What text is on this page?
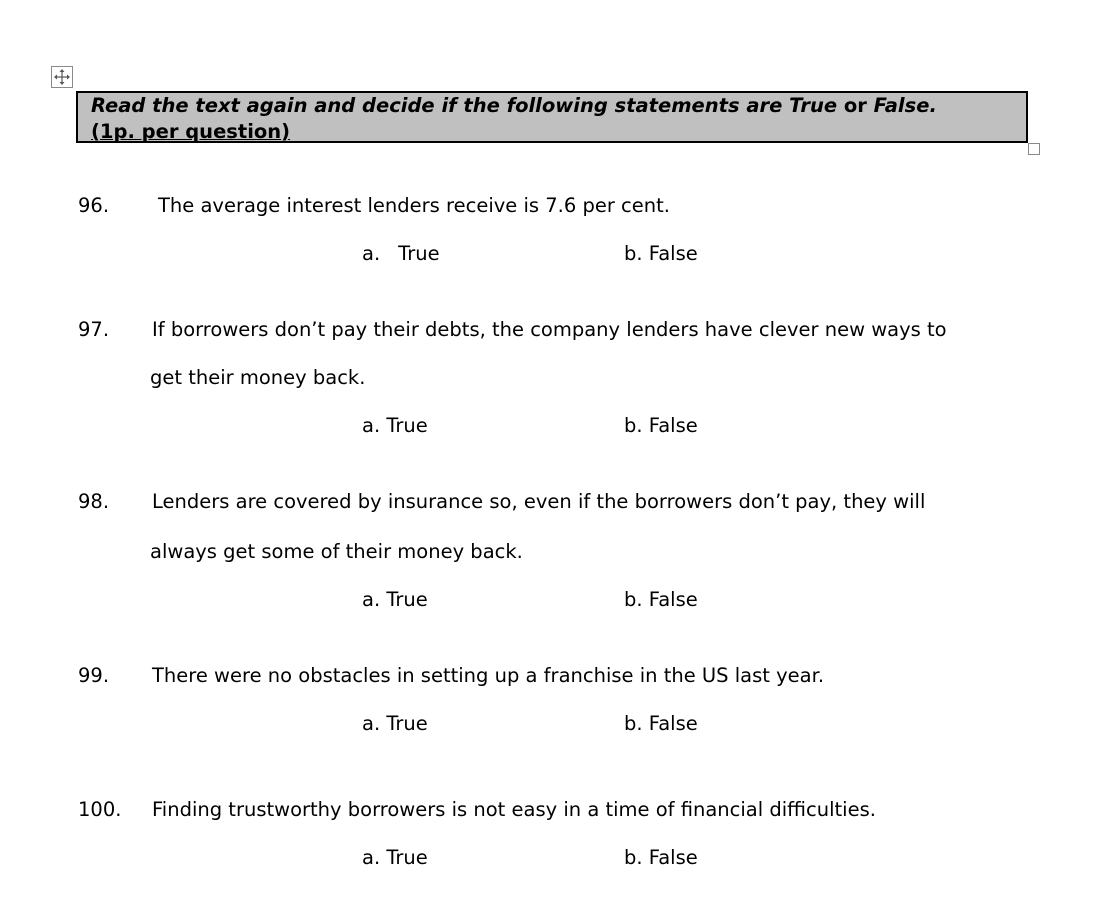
Read the text again and decide if the following statements are True or False.
(1p. per question)
96.	The average interest lenders receive is 7.6 per cent.
a. True	b. False
97. If borrowers don’t pay their debts, the company lenders have clever new ways to
get their money back.
a. True	b. False
98. Lenders are covered by insurance so, even if the borrowers don’t pay, they will
always get some of their money back.
a. True	b. False
99. There were no obstacles in setting up a franchise in the US last year.
a. True	b. False
100. Finding trustworthy borrowers is not easy in a time of financial difficulties.
a. True	b. False
